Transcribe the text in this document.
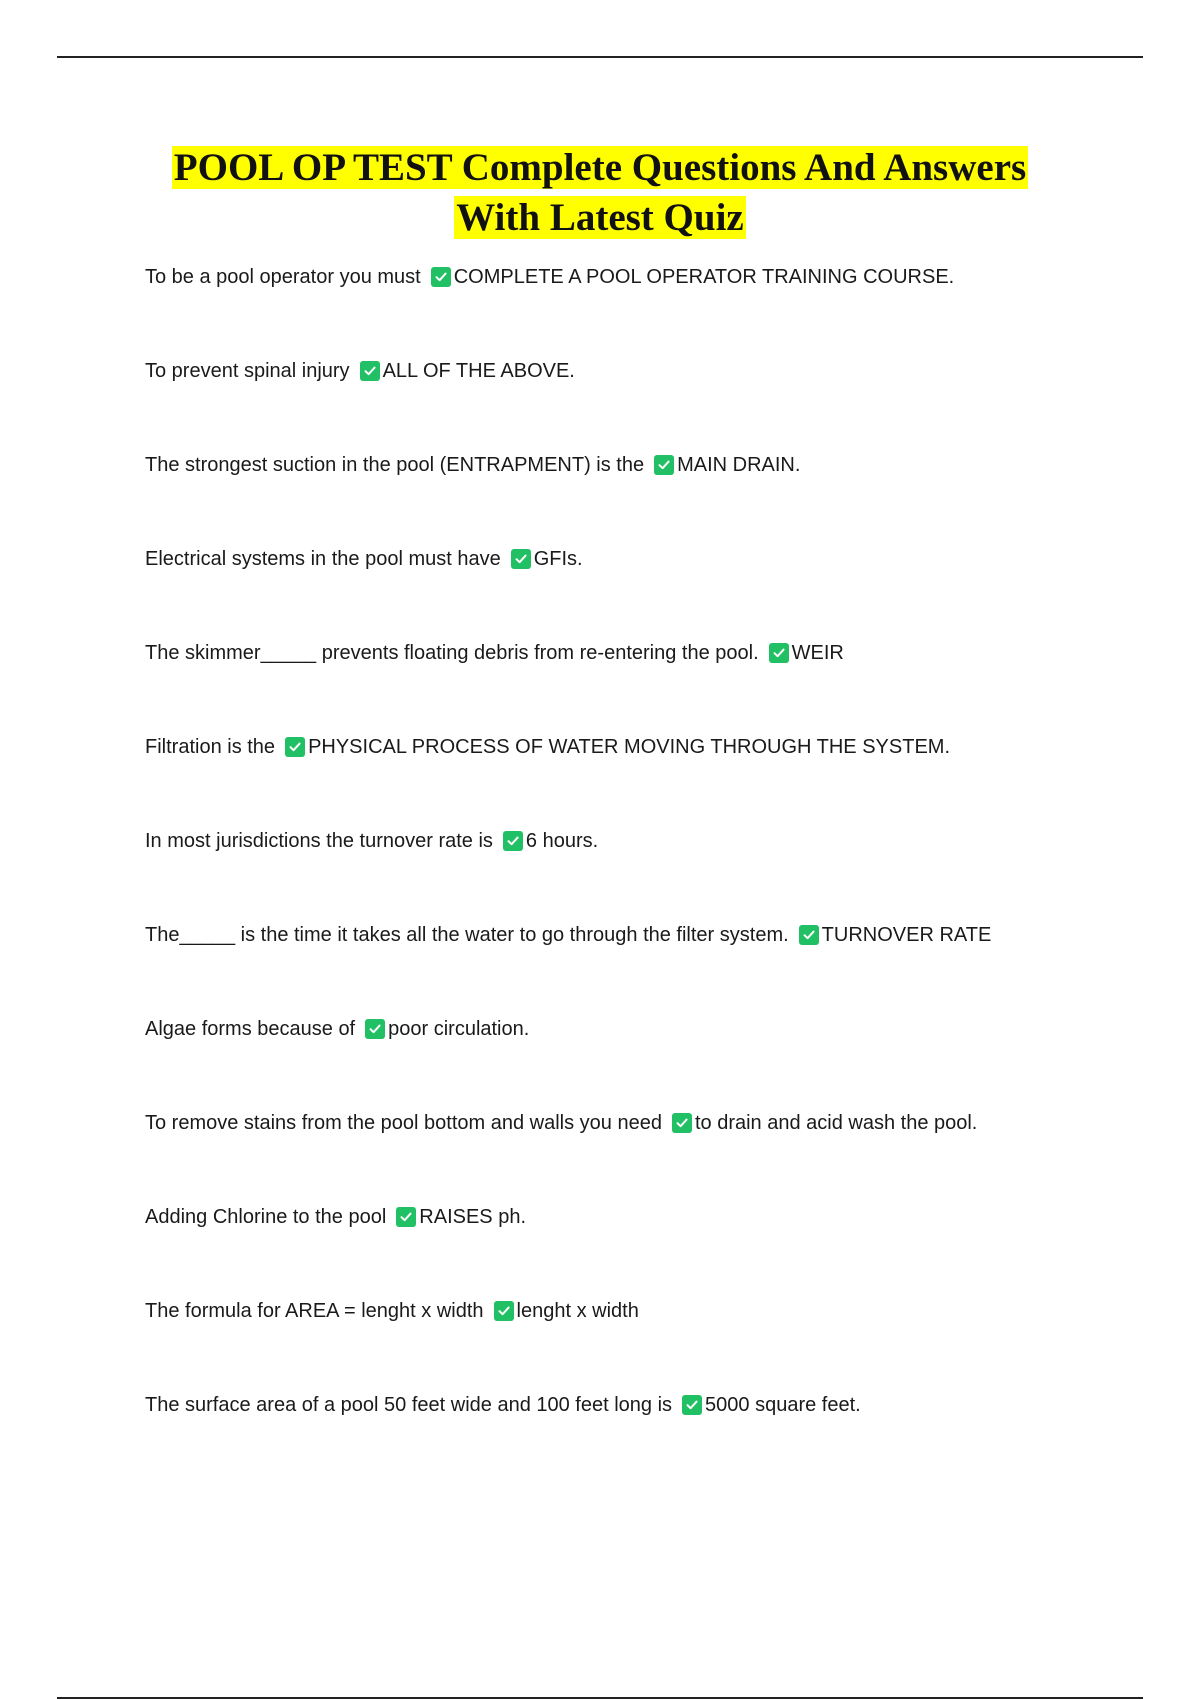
POOL OP TEST Complete Questions And Answers
With Latest Quiz
To be a pool operator you must COMPLETE A POOL OPERATOR TRAINING COURSE.
To prevent spinal injury ALL OF THE ABOVE.
The strongest suction in the pool (ENTRAPMENT) is the MAIN DRAIN.
Electrical systems in the pool must have GFIs.
The skimmer_____ prevents floating debris from re-entering the pool. WEIR
Filtration is the PHYSICAL PROCESS OF WATER MOVING THROUGH THE SYSTEM.
In most jurisdictions the turnover rate is 6 hours.
The_____ is the time it takes all the water to go through the filter system. TURNOVER RATE
Algae forms because of poor circulation.
To remove stains from the pool bottom and walls you need to drain and acid wash the pool.
Adding Chlorine to the pool RAISES ph.
The formula for AREA = lenght x width lenght x width
The surface area of a pool 50 feet wide and 100 feet long is 5000 square feet.
